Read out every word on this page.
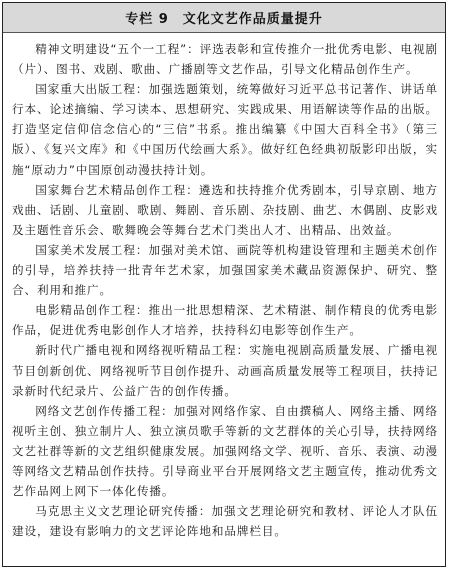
专栏 9 文化文艺作品质量提升

精神文明建设“五个一工程”：评选表彰和宣传推介一批优秀电影、电视剧（片）、图书、戏剧、歌曲、广播剧等文艺作品，引导文化精品创作生产。

国家重大出版工程：加强选题策划，统筹做好习近平总书记著作、讲话单行本、论述摘编、学习读本、思想研究、实践成果、用语解读等作品的出版。打造坚定信仰信念信心的“三信”书系。推出编纂《中国大百科全书》（第三版）、《复兴文库》和《中国历代绘画大系》。做好红色经典初版影印出版，实施“原动力”中国原创动漫扶持计划。

国家舞台艺术精品创作工程：遴选和扶持推介优秀剧本，引导京剧、地方戏曲、话剧、儿童剧、歌剧、舞剧、音乐剧、杂技剧、曲艺、木偶剧、皮影戏及主题性音乐会、歌舞晚会等舞台艺术门类出人才、出精品、出效益。

国家美术发展工程：加强对美术馆、画院等机构建设管理和主题美术创作的引导，培养扶持一批青年艺术家，加强国家美术藏品资源保护、研究、整合、利用和推广。

电影精品创作工程：推出一批思想精深、艺术精湛、制作精良的优秀电影作品，促进优秀电影创作人才培养，扶持科幻电影等创作生产。

新时代广播电视和网络视听精品工程：实施电视剧高质量发展、广播电视节目创新创优、网络视听节目创作提升、动画高质量发展等工程项目，扶持记录新时代纪录片、公益广告的创作传播。

网络文艺创作传播工程：加强对网络作家、自由撰稿人、网络主播、网络视听主创、独立制片人、独立演员歌手等新的文艺群体的关心引导，扶持网络文艺社群等新的文艺组织健康发展。加强网络文学、视听、音乐、表演、动漫等网络文艺精品创作扶持。引导商业平台开展网络文艺主题宣传，推动优秀文艺作品网上网下一体化传播。

马克思主义文艺理论研究传播：加强文艺理论研究和教材、评论人才队伍建设，建设有影响力的文艺评论阵地和品牌栏目。
